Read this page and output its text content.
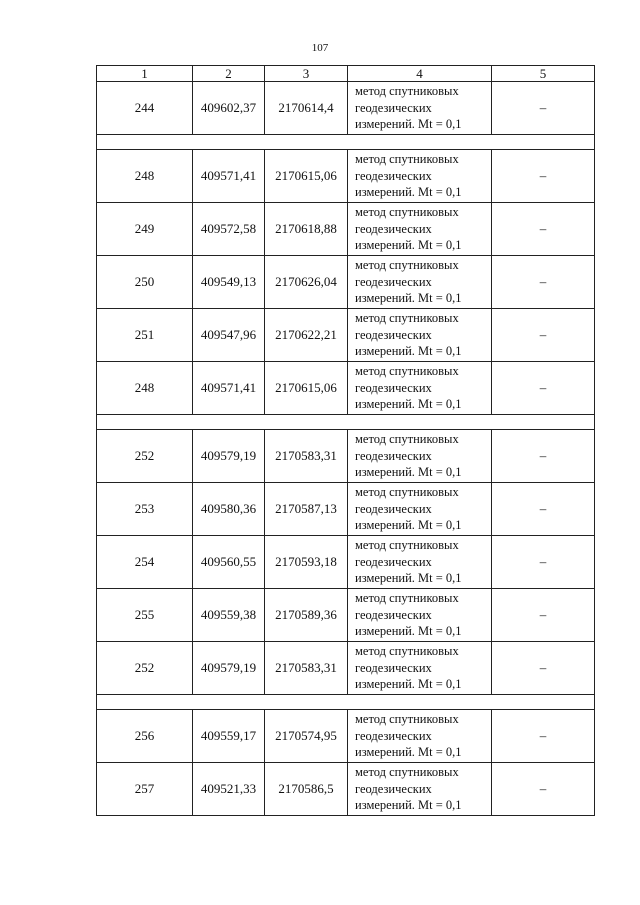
107
1	2	3	4	5
244	409602,37	2170614,4	метод спутниковых
геодезических
измерений. Mt = 0,1	–

248	409571,41	2170615,06	метод спутниковых
геодезических
измерений. Mt = 0,1	–
249	409572,58	2170618,88	метод спутниковых
геодезических
измерений. Mt = 0,1	–
250	409549,13	2170626,04	метод спутниковых
геодезических
измерений. Mt = 0,1	–
251	409547,96	2170622,21	метод спутниковых
геодезических
измерений. Mt = 0,1	–
248	409571,41	2170615,06	метод спутниковых
геодезических
измерений. Mt = 0,1	–

252	409579,19	2170583,31	метод спутниковых
геодезических
измерений. Mt = 0,1	–
253	409580,36	2170587,13	метод спутниковых
геодезических
измерений. Mt = 0,1	–
254	409560,55	2170593,18	метод спутниковых
геодезических
измерений. Mt = 0,1	–
255	409559,38	2170589,36	метод спутниковых
геодезических
измерений. Mt = 0,1	–
252	409579,19	2170583,31	метод спутниковых
геодезических
измерений. Mt = 0,1	–

256	409559,17	2170574,95	метод спутниковых
геодезических
измерений. Mt = 0,1	–
257	409521,33	2170586,5	метод спутниковых
геодезических
измерений. Mt = 0,1	–
